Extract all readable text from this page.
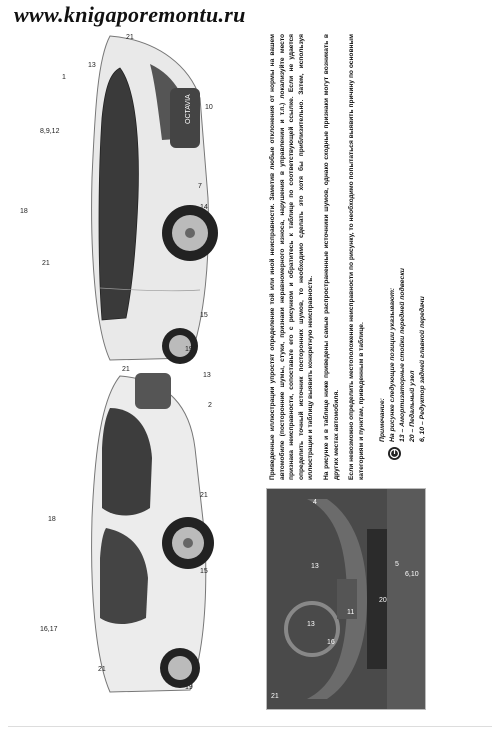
www.knigaporemontu.ru
OCTAVIA
21
13
1
8,9,12
10
18
7
14
21
15
19
18
21
13
2
21
16,17
21
15
19
4
13	5
6,10
20
11
13
16
21

Приведенные иллюстрации упростят определение той или иной неисправности. Заметив любые отклонения от нормы на вашем автомобиле (посторонние шумы, стуки, признаки неравномерного износа, нарушения в управлении и т.п.) локализуйте место признака неисправности, сопоставьте его с рисунком и обратитесь к таблице по соответствующей ссылке. Если не удается определить точный источник посторонних шумов, то необходимо сделать это хотя бы приблизительно. Затем, используя иллюстрации и таблицу выявить конкретную неисправность. На рисунке и в таблице ниже приведены самые распространенные источники шумов, однако сходные признаки могут возникать в других местах автомобиля. Если невозможно определить местоположение неисправности по рисунку, то необходимо попытаться выявить причину по основным категориям и пунктам, приведенным в таблице. Примечание: На рисунке следующие позиции указывают: 13 – Амортизаторные стойки передней подвески 20 – Педальный узел 6, 10 – Редуктор задней главной передачи
